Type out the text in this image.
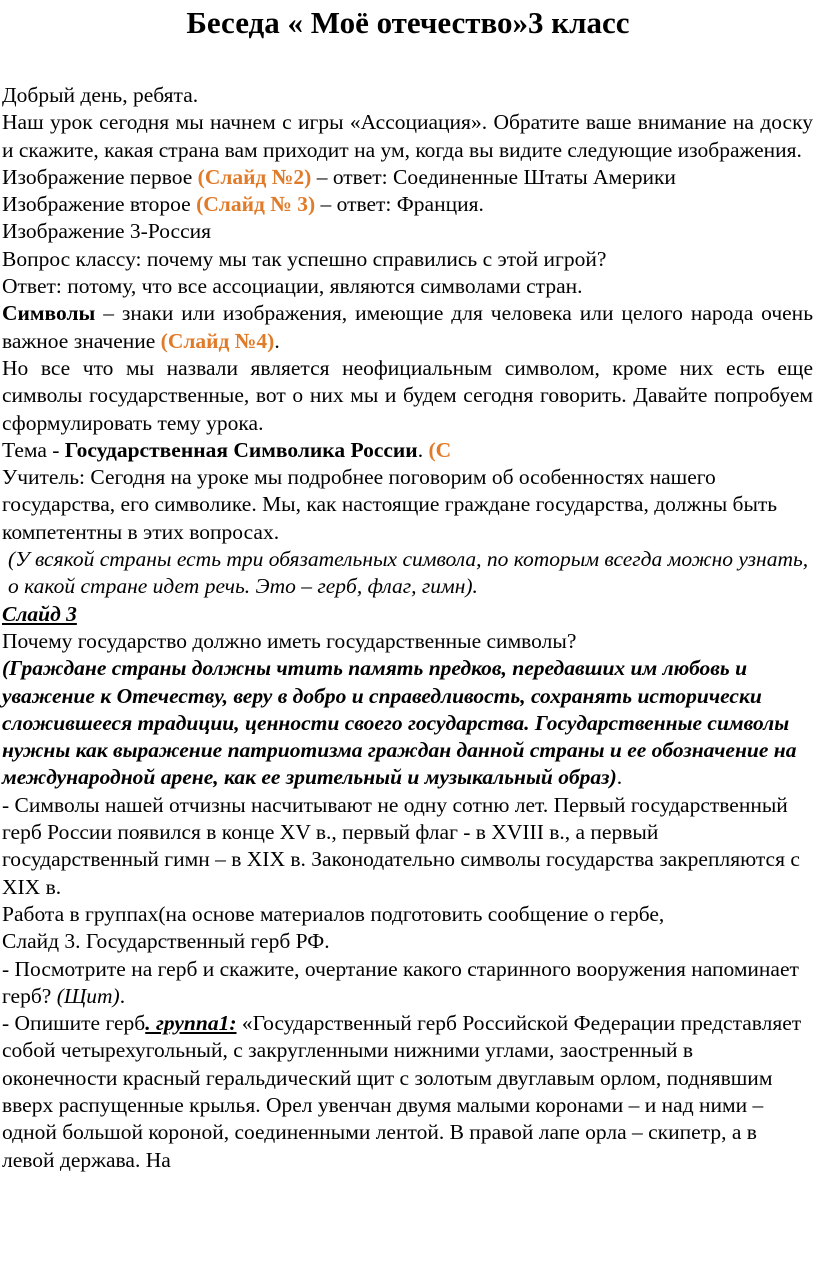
Беседа « Моё отечество»3 класс

Добрый день, ребята.

Наш урок сегодня мы начнем с игры «Ассоциация». Обратите ваше внимание на доску и скажите, какая страна вам приходит на ум, когда вы видите следующие изображения.

Изображение первое (Слайд №2) – ответ: Соединенные Штаты Америки

Изображение второе (Слайд № 3) – ответ: Франция.

Изображение 3-Россия

Вопрос классу: почему мы так успешно справились с этой игрой?

Ответ: потому, что все ассоциации, являются символами стран.

Символы – знаки или изображения, имеющие для человека или целого народа очень важное значение (Слайд №4).

Но все что мы назвали является неофициальным символом, кроме них есть еще символы государственные, вот о них мы и будем сегодня говорить. Давайте попробуем сформулировать тему урока.

Тема - Государственная Символика России. (С

Учитель: Сегодня на уроке мы подробнее поговорим об особенностях нашего государства, его символике. Мы, как настоящие граждане государства, должны быть компетентны в этих вопросах.

(У всякой страны есть три обязательных символа, по которым всегда можно узнать, о какой стране идет речь. Это – герб, флаг, гимн).

Слайд 3

Почему государство должно иметь государственные символы?

(Граждане страны должны чтить память предков, передавших им любовь и уважение к Отечеству, веру в добро и справедливость, сохранять исторически сложившееся традиции, ценности своего государства. Государственные символы нужны как выражение патриотизма граждан данной страны и ее обозначение на международной арене, как ее зрительный и музыкальный образ).

- Символы нашей отчизны насчитывают не одну сотню лет. Первый государственный герб России появился в конце XV в., первый флаг - в XVIII в., а первый государственный гимн – в XIX в. Законодательно символы государства закрепляются с XIX в.

Работа в группах(на основе материалов подготовить сообщение о гербе,

Слайд 3. Государственный герб РФ.

- Посмотрите на герб и скажите, очертание какого старинного вооружения напоминает герб? (Щит).

- Опишите герб. группа1: «Государственный герб Российской Федерации представляет собой четырехугольный, с закругленными нижними углами, заостренный в оконечности красный геральдический щит с золотым двуглавым орлом, поднявшим вверх распущенные крылья. Орел увенчан двумя малыми коронами – и над ними – одной большой короной, соединенными лентой. В правой лапе орла – скипетр, а в левой держава. На
